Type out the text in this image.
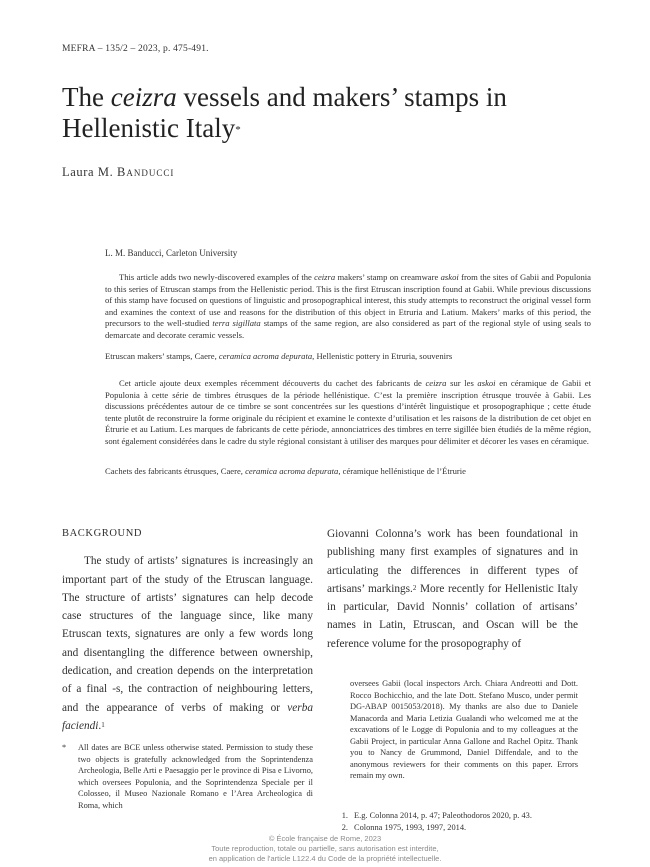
MEFRA – 135/2 – 2023, p. 475-491.
The ceizra vessels and makers’ stamps in Hellenistic Italy*
Laura M. Banducci
L. M. Banducci, Carleton University
This article adds two newly-discovered examples of the ceizra makers’ stamp on creamware askoi from the sites of Gabii and Populonia to this series of Etruscan stamps from the Hellenistic period. This is the first Etruscan inscription found at Gabii. While previous discussions of this stamp have focused on questions of linguistic and prosopographical interest, this study attempts to reconstruct the original vessel form and examines the context of use and reasons for the distribution of this object in Etruria and Latium. Makers’ marks of this period, the precursors to the well-studied terra sigillata stamps of the same region, are also considered as part of the regional style of using seals to demarcate and decorate ceramic vessels.
Etruscan makers’ stamps, Caere, ceramica acroma depurata, Hellenistic pottery in Etruria, souvenirs
Cet article ajoute deux exemples récemment découverts du cachet des fabricants de ceizra sur les askoi en céramique de Gabii et Populonia à cette série de timbres étrusques de la période hellénistique. C’est la première inscription étrusque trouvée à Gabii. Les discussions précédentes autour de ce timbre se sont concentrées sur les questions d’intérêt linguistique et prosopographique ; cette étude tente plutôt de reconstruire la forme originale du récipient et examine le contexte d’utilisation et les raisons de la distribution de cet objet en Étrurie et au Latium. Les marques de fabricants de cette période, annonciatrices des timbres en terre sigillée bien étudiés de la même région, sont également considérées dans le cadre du style régional consistant à utiliser des marques pour délimiter et décorer les vases en céramique.
Cachets des fabricants étrusques, Caere, ceramica acroma depurata, céramique hellénistique de l’Étrurie
BACKGROUND
The study of artists’ signatures is increasingly an important part of the study of the Etruscan language. The structure of artists’ signatures can help decode case structures of the language since, like many Etruscan texts, signatures are only a few words long and disentangling the difference between ownership, dedication, and creation depends on the interpretation of a final -s, the contraction of neighbouring letters, and the appearance of verbs of making or verba faciendi.$^1$
Giovanni Colonna’s work has been foundational in publishing many first examples of signatures and in articulating the differences in different types of artisans’ markings.$^2$ More recently for Hellenistic Italy in particular, David Nonnis’ collation of artisans’ names in Latin, Etruscan, and Oscan will be the reference volume for the prosopography of
* All dates are BCE unless otherwise stated. Permission to study these two objects is gratefully acknowledged from the Soprintendenza Archeologia, Belle Arti e Paesaggio per le province di Pisa e Livorno, which oversees Populonia, and the Soprintendenza Speciale per il Colosseo, il Museo Nazionale Romano e l’Area Archeologica di Roma, which
oversees Gabii (local inspectors Arch. Chiara Andreotti and Dott. Rocco Bochicchio, and the late Dott. Stefano Musco, under permit DG-ABAP 0015053/2018). My thanks are also due to Daniele Manacorda and Maria Letizia Gualandi who welcomed me at the excavations of le Logge di Populonia and to my colleagues at the Gabii Project, in particular Anna Gallone and Rachel Opitz. Thank you to Nancy de Grummond, Daniel Diffendale, and to the anonymous reviewers for their comments on this paper. Errors remain my own.
1. E.g. Colonna 2014, p. 47; Paleothodoros 2020, p. 43.
2. Colonna 1975, 1993, 1997, 2014.
© École française de Rome, 2023
Toute reproduction, totale ou partielle, sans autorisation est interdite,
en application de l'article L122.4 du Code de la propriété intellectuelle.
